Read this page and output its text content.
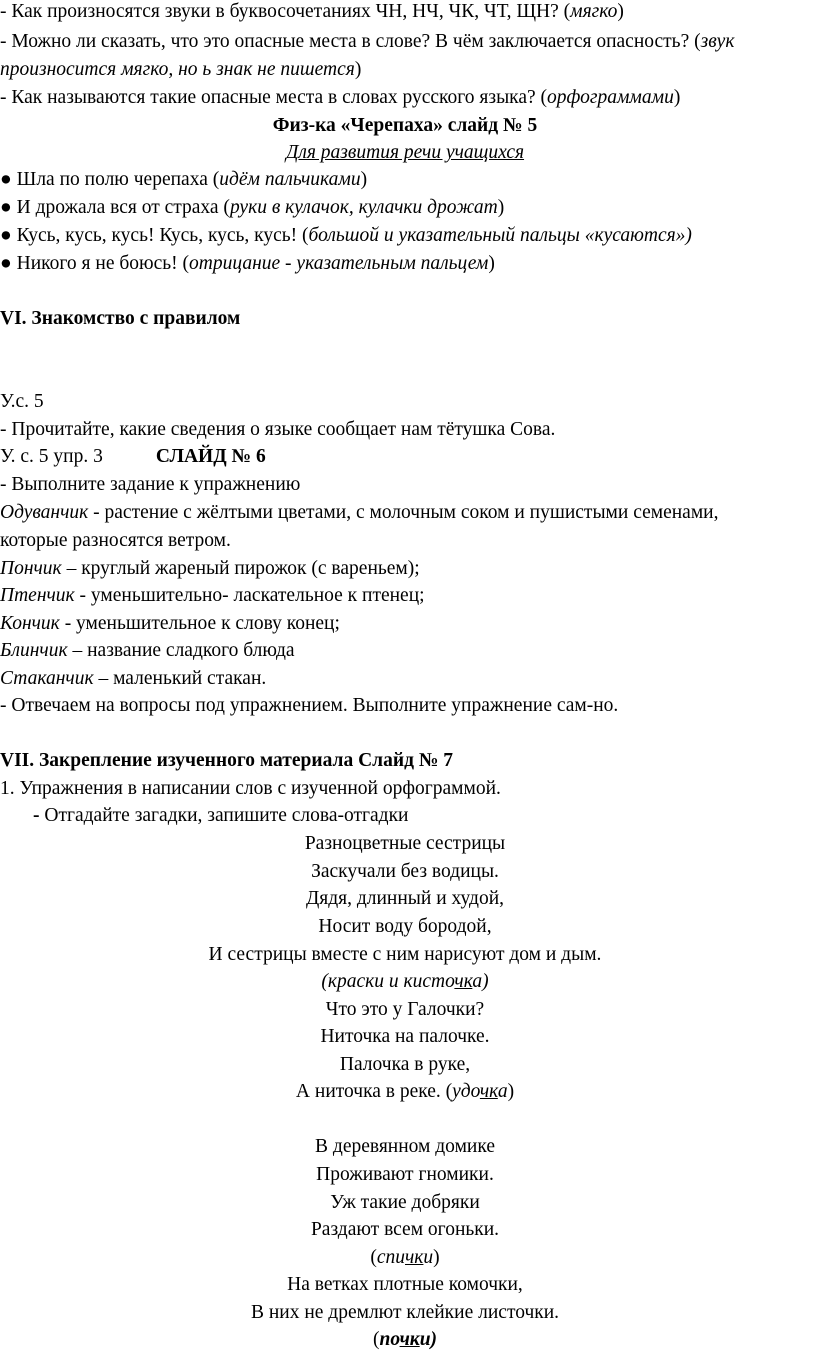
- Как произносятся звуки в буквосочетаниях ЧН, НЧ, ЧК, ЧТ, ЩН? (мягко)
- Можно ли сказать, что это опасные места в слове? В чём заключается опасность? (звук
произносится мягко, но ь знак не пишется)
- Как называются такие опасные места в словах русского языка? (орфограммами)
Физ-ка «Черепаха» слайд № 5
Для развития речи учащихся
● Шла по полю черепаха (идём пальчиками)
● И дрожала вся от страха (руки в кулачок, кулачки дрожат)
● Кусь, кусь, кусь! Кусь, кусь, кусь! (большой и указательный пальцы «кусаются»)
● Никого я не боюсь! (отрицание - указательным пальцем)
VI. Знакомство с правилом
У.с. 5
- Прочитайте, какие сведения о языке сообщает нам тётушка Сова.
У. с. 5 упр. 3	СЛАЙД № 6
- Выполните задание к упражнению
Одуванчик - растение с жёлтыми цветами, с молочным соком и пушистыми семенами,
которые разносятся ветром.
Пончик – круглый жареный пирожок (с вареньем);
Птенчик - уменьшительно- ласкательное к птенец;
Кончик - уменьшительное к слову конец;
Блинчик – название сладкого блюда
Стаканчик – маленький стакан.
- Отвечаем на вопросы под упражнением. Выполните упражнение сам-но.
VII. Закрепление изученного материала Слайд № 7
1. Упражнения в написании слов с изученной орфограммой.
- Отгадайте загадки, запишите слова-отгадки
Разноцветные сестрицы
Заскучали без водицы.
Дядя, длинный и худой,
Носит воду бородой,
И сестрицы вместе с ним нарисуют дом и дым.
(краски и кисточка)
Что это у Галочки?
Ниточка на палочке.
Палочка в руке,
А ниточка в реке. (удочка)
В деревянном домике
Проживают гномики.
Уж такие добряки
Раздают всем огоньки.
(спички)
На ветках плотные комочки,
В них не дремлют клейкие листочки.
(почки)
